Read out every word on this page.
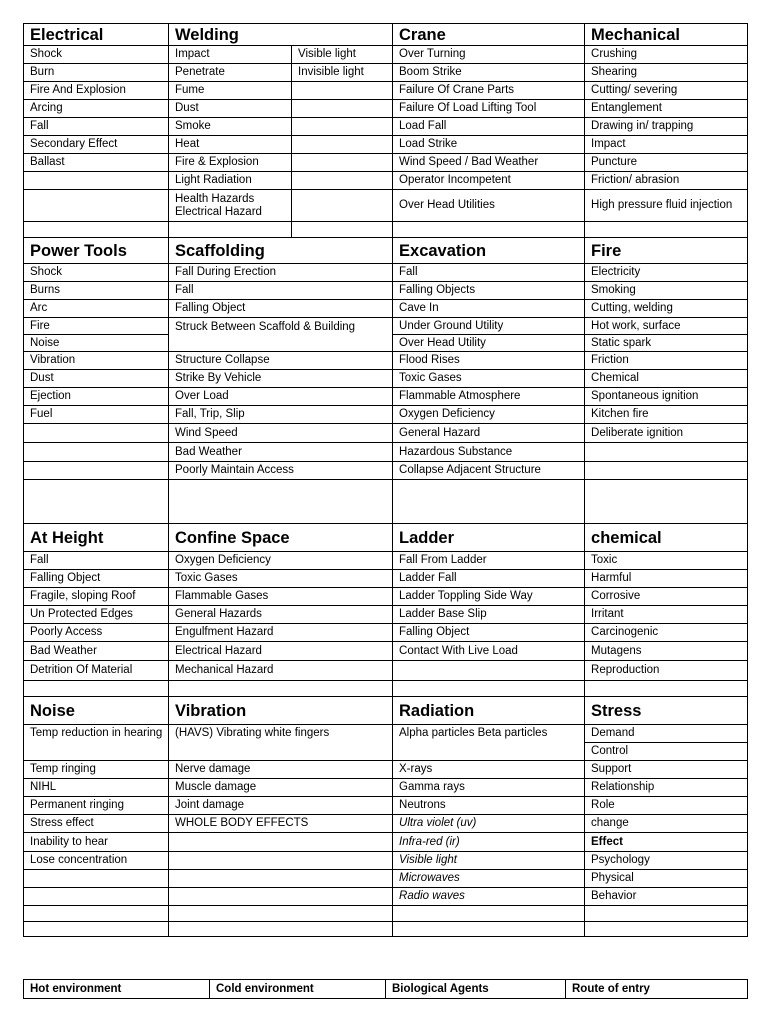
Electrical	Welding		Crane	Mechanical
Shock	Impact	Visible light	Over Turning	Crushing
Burn	Penetrate	Invisible light	Boom Strike	Shearing
Fire And Explosion	Fume		Failure Of Crane Parts	Cutting/ severing
Arcing	Dust		Failure Of Load Lifting Tool	Entanglement
Fall	Smoke		Load Fall	Drawing in/ trapping
Secondary Effect	Heat		Load Strike	Impact
Ballast	Fire & Explosion		Wind Speed / Bad Weather	Puncture
	Light Radiation		Operator Incompetent	Friction/ abrasion
	Health Hazards Electrical Hazard		Over Head Utilities	High pressure fluid injection

Power Tools	Scaffolding		Excavation	Fire
Shock	Fall During Erection		Fall	Electricity
Burns	Fall		Falling Objects	Smoking
Arc	Falling Object		Cave In	Cutting, welding
Fire	Struck Between Scaffold & Building		Under Ground Utility	Hot work, surface
Noise			Over Head Utility	Static spark
Vibration	Structure Collapse		Flood Rises	Friction
Dust	Strike By Vehicle		Toxic Gases	Chemical
Ejection	Over Load		Flammable Atmosphere	Spontaneous ignition
Fuel	Fall, Trip, Slip		Oxygen Deficiency	Kitchen fire
	Wind Speed		General Hazard	Deliberate ignition
	Bad Weather		Hazardous Substance	
	Poorly Maintain Access		Collapse Adjacent Structure	

At Height	Confine Space		Ladder	chemical
Fall	Oxygen Deficiency		Fall From Ladder	Toxic
Falling Object	Toxic Gases		Ladder Fall	Harmful
Fragile, sloping Roof	Flammable Gases		Ladder Toppling Side Way	Corrosive
Un Protected Edges	General Hazards		Ladder Base Slip	Irritant
Poorly Access	Engulfment Hazard		Falling Object	Carcinogenic
Bad Weather	Electrical Hazard		Contact With Live Load	Mutagens
Detrition Of Material	Mechanical Hazard			Reproduction

Noise	Vibration		Radiation	Stress
Temp reduction in hearing	(HAVS) Vibrating white fingers		Alpha particles Beta particles	Demand
				Control
Temp ringing	Nerve damage		X-rays	Support
NIHL	Muscle damage		Gamma rays	Relationship
Permanent ringing	Joint damage		Neutrons	Role
Stress effect	WHOLE BODY EFFECTS		Ultra violet (uv)	change
Inability to hear			Infra-red (ir)	Effect
Lose concentration			Visible light	Psychology
			Microwaves	Physical
			Radio waves	Behavior

Hot environment	Cold environment	Biological Agents	Route of entry
